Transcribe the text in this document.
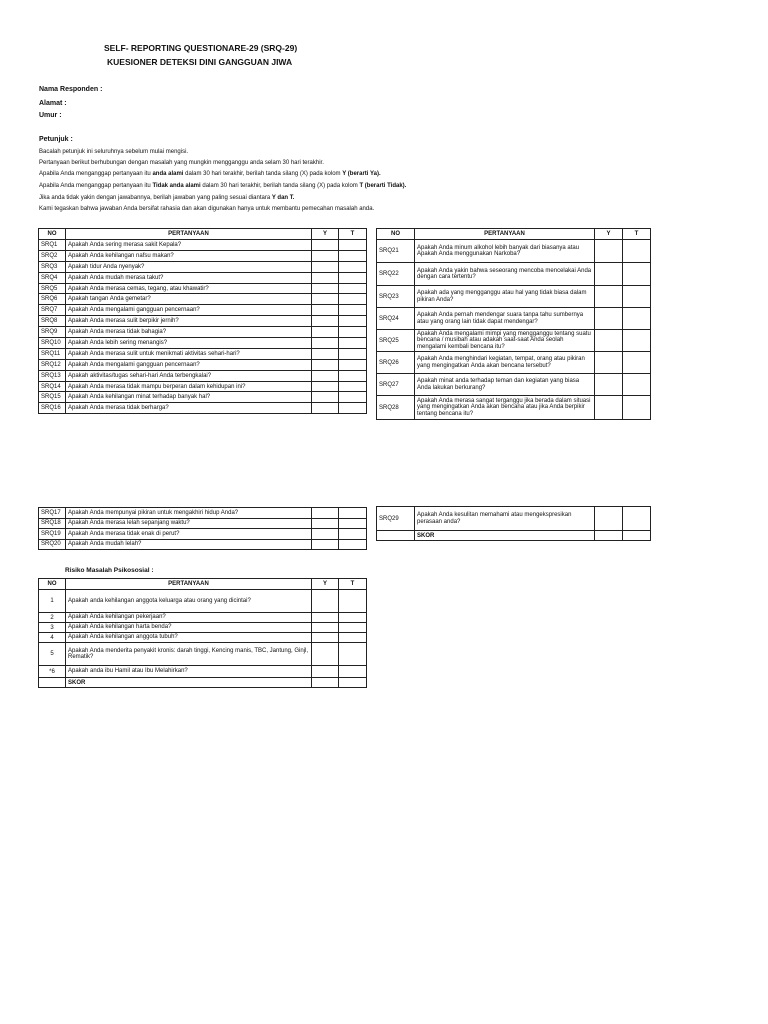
SELF- REPORTING QUESTIONARE-29 (SRQ-29)
KUESIONER DETEKSI DINI GANGGUAN JIWA
Nama Responden :
Alamat :
Umur :
Petunjuk :
Bacalah petunjuk ini seluruhnya sebelum mulai mengisi.
Pertanyaan berikut berhubungan dengan masalah yang mungkin mengganggu anda selam 30 hari terakhir.
Apabila Anda menganggap pertanyaan itu anda alami dalam 30 hari terakhir, berilah tanda silang (X) pada kolom Y (berarti Ya).
Apabila Anda menganggap pertanyaan itu Tidak anda alami dalam 30 hari terakhir, berilah tanda silang (X) pada kolom T (berarti Tidak).
Jika anda tidak yakin dengan jawabannya, berilah jawaban yang paling sesuai diantara Y dan T.
Kami tegaskan bahwa jawaban Anda bersifat rahasia dan akan digunakan hanya untuk membantu pemecahan masalah anda.
NO	PERTANYAAN	Y	T
SRQ1	Apakah Anda sering merasa sakit Kepala?		
SRQ2	Apakah Anda kehilangan nafsu makan?		
SRQ3	Apakah tidur Anda nyenyak?		
SRQ4	Apakah Anda mudah merasa takut?		
SRQ5	Apakah Anda merasa cemas, tegang, atau khawatir?		
SRQ6	Apakah tangan Anda gemetar?		
SRQ7	Apakah Anda mengalami gangguan pencernaan?		
SRQ8	Apakah Anda merasa sulit berpikir jernih?		
SRQ9	Apakah Anda merasa tidak bahagia?		
SRQ10	Apakah Anda lebih sering menangis?		
SRQ11	Apakah Anda merasa sulit untuk menikmati aktivitas sehari-hari?		
SRQ12	Apakah Anda mengalami gangguan pencernaan?		
SRQ13	Apakah aktivitas/tugas sehari-hari Anda terbengkalai?		
SRQ14	Apakah Anda merasa tidak mampu berperan dalam kehidupan ini?		
SRQ15	Apakah Anda kehilangan minat terhadap banyak hal?		
SRQ16	Apakah Anda merasa tidak berharga?		
NO	PERTANYAAN	Y	T
SRQ21	Apakah Anda minum alkohol lebih banyak dari biasanya atau Apakah Anda menggunakan Narkoba?		
SRQ22	Apakah Anda yakin bahwa seseorang mencoba mencelakai Anda dengan cara tertentu?		
SRQ23	Apakah ada yang mengganggu atau hal yang tidak biasa dalam pikiran Anda?		
SRQ24	Apakah Anda pernah mendengar suara tanpa tahu sumbernya atau yang orang lain tidak dapat mendengar?		
SRQ25	Apakah Anda mengalami mimpi yang mengganggu tentang suatu bencana / musibah atau adakah saat-saat Anda seolah mengalami kembali bencana itu?		
SRQ26	Apakah Anda menghindari kegiatan, tempat, orang atau pikiran yang mengingatkan Anda akan bencana tersebut?		
SRQ27	Apakah minat anda terhadap teman dan kegiatan yang biasa Anda lakukan berkurang?		
SRQ28	Apakah Anda merasa sangat terganggu jika berada dalam situasi yang mengingatkan Anda akan bencana atau jika Anda berpikir tentang bencana itu?		
SRQ17	Apakah Anda mempunyai pikiran untuk mengakhiri hidup Anda?		
SRQ18	Apakah Anda merasa lelah sepanjang waktu?		
SRQ19	Apakah Anda merasa tidak enak di perut?		
SRQ20	Apakah Anda mudah lelah?		
SRQ29	Apakah Anda kesulitan memahami atau mengekspresikan perasaan anda?		
	SKOR		
Risiko Masalah Psikososial :
NO	PERTANYAAN	Y	T
1	Apakah anda kehilangan anggota keluarga atau orang yang dicintai?		
2	Apakah Anda kehilangan pekerjaan?		
3	Apakah Anda kehilangan harta benda?		
4	Apakah Anda kehilangan anggota tubuh?		
5	Apakah Anda menderita penyakit kronis: darah tinggi, Kencing manis, TBC, Jantung, Ginjl, Rematik?		
*6	Apakah anda ibu Hamil atau Ibu Melahirkan?		
	SKOR		
